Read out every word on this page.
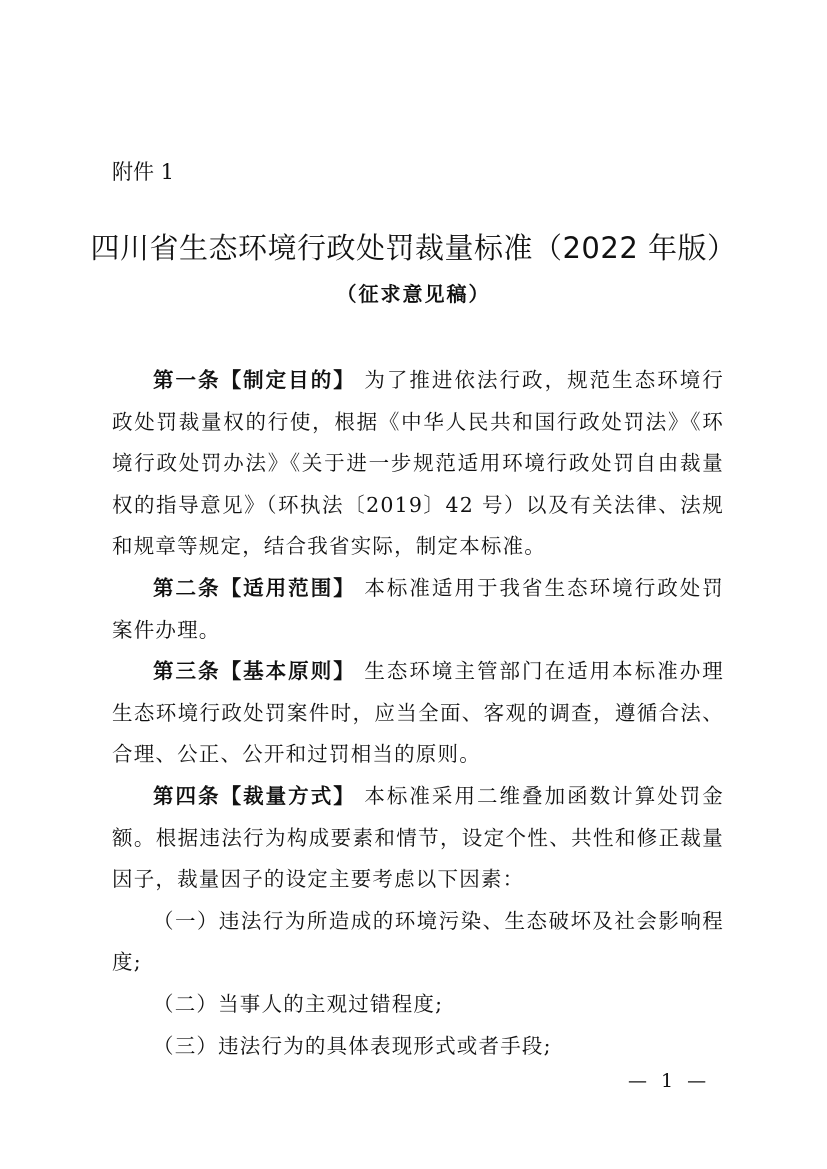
附件 1

四川省生态环境行政处罚裁量标准（2022 年版）

（征求意见稿）

第一条【制定目的】 为了推进依法行政，规范生态环境行政处罚裁量权的行使，根据《中华人民共和国行政处罚法》《环境行政处罚办法》《关于进一步规范适用环境行政处罚自由裁量权的指导意见》（环执法〔2019〕42 号）以及有关法律、法规和规章等规定，结合我省实际，制定本标准。

第二条【适用范围】 本标准适用于我省生态环境行政处罚案件办理。

第三条【基本原则】 生态环境主管部门在适用本标准办理生态环境行政处罚案件时，应当全面、客观的调查，遵循合法、合理、公正、公开和过罚相当的原则。

第四条【裁量方式】 本标准采用二维叠加函数计算处罚金额。根据违法行为构成要素和情节，设定个性、共性和修正裁量因子，裁量因子的设定主要考虑以下因素：

（一）违法行为所造成的环境污染、生态破坏及社会影响程度;

（二）当事人的主观过错程度;

（三）违法行为的具体表现形式或者手段;

— 1 —
